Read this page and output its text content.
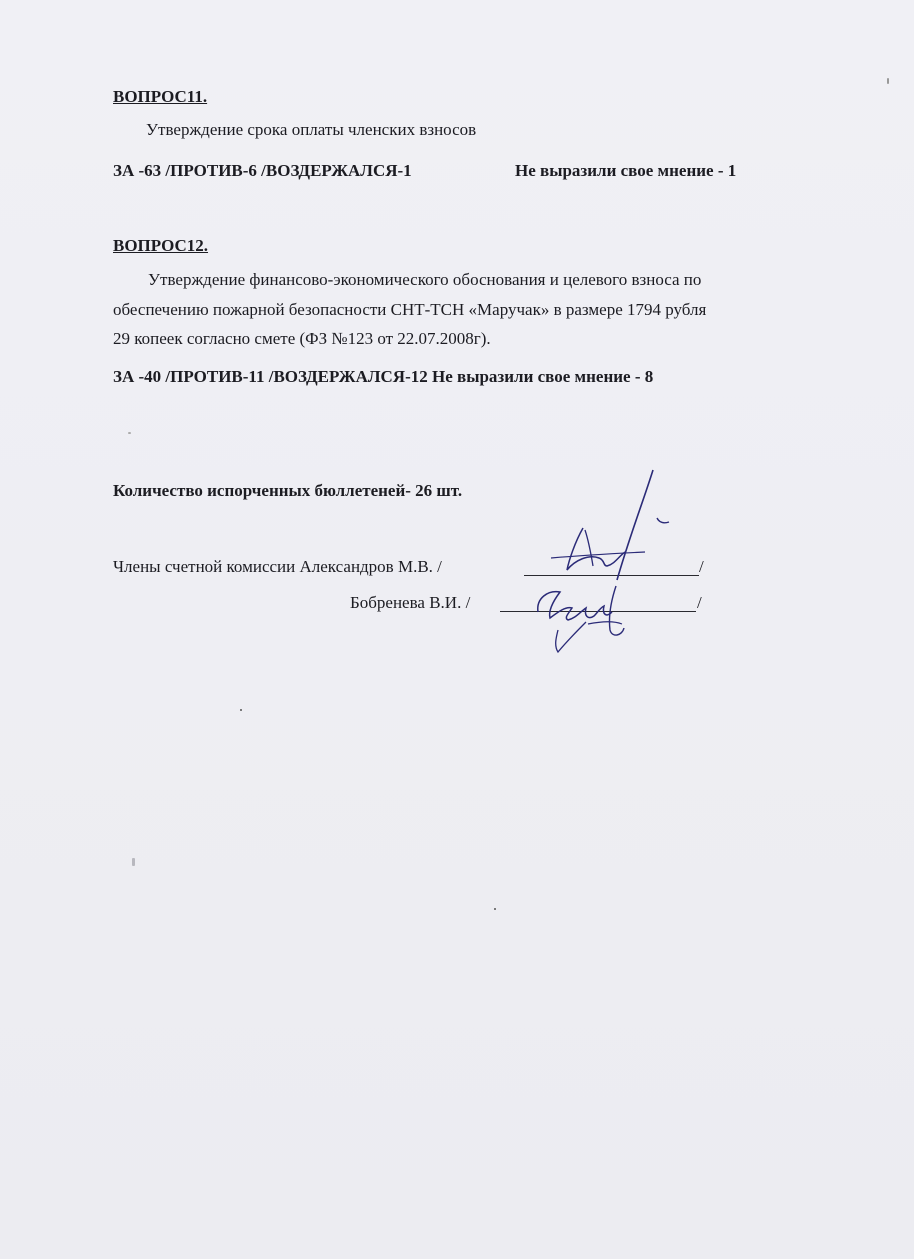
ВОПРОС11.
Утверждение срока оплаты членских взносов
ЗА -63 /ПРОТИВ-6 /ВОЗДЕРЖАЛСЯ-1	Не выразили свое мнение - 1
ВОПРОС12.
Утверждение финансово-экономического обоснования и целевого взноса по
обеспечению пожарной безопасности СНТ-ТСН «Маручак» в размере 1794 рубля
29 копеек согласно смете (ФЗ №123 от 22.07.2008г).
ЗА -40 /ПРОТИВ-11 /ВОЗДЕРЖАЛСЯ-12 Не выразили свое мнение - 8
Количество испорченных бюллетеней- 26 шт.
Члены счетной комиссии Александров М.В. /	/
Бобренева В.И. /	/
